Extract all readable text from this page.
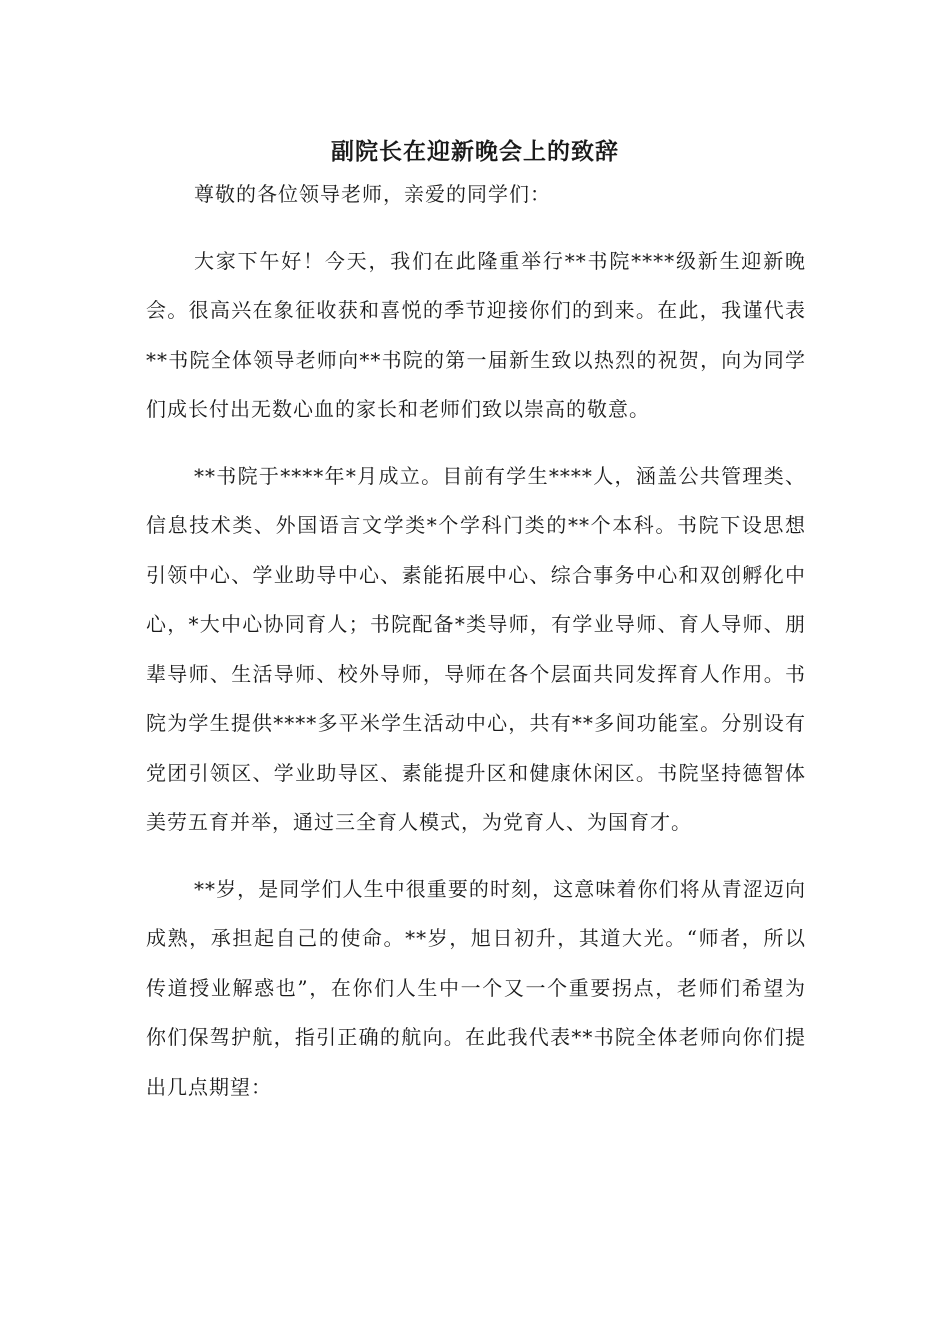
副院长在迎新晚会上的致辞

尊敬的各位领导老师，亲爱的同学们：

大家下午好！今天，我们在此隆重举行**书院****级新生迎新晚会。很高兴在象征收获和喜悦的季节迎接你们的到来。在此，我谨代表**书院全体领导老师向**书院的第一届新生致以热烈的祝贺，向为同学们成长付出无数心血的家长和老师们致以崇高的敬意。

**书院于****年*月成立。目前有学生****人，涵盖公共管理类、信息技术类、外国语言文学类*个学科门类的**个本科。书院下设思想引领中心、学业助导中心、素能拓展中心、综合事务中心和双创孵化中心，*大中心协同育人；书院配备*类导师，有学业导师、育人导师、朋辈导师、生活导师、校外导师，导师在各个层面共同发挥育人作用。书院为学生提供****多平米学生活动中心，共有**多间功能室。分别设有党团引领区、学业助导区、素能提升区和健康休闲区。书院坚持德智体美劳五育并举，通过三全育人模式，为党育人、为国育才。

**岁，是同学们人生中很重要的时刻，这意味着你们将从青涩迈向成熟，承担起自己的使命。**岁，旭日初升，其道大光。“师者，所以传道授业解惑也”，在你们人生中一个又一个重要拐点，老师们希望为你们保驾护航，指引正确的航向。在此我代表**书院全体老师向你们提出几点期望：
